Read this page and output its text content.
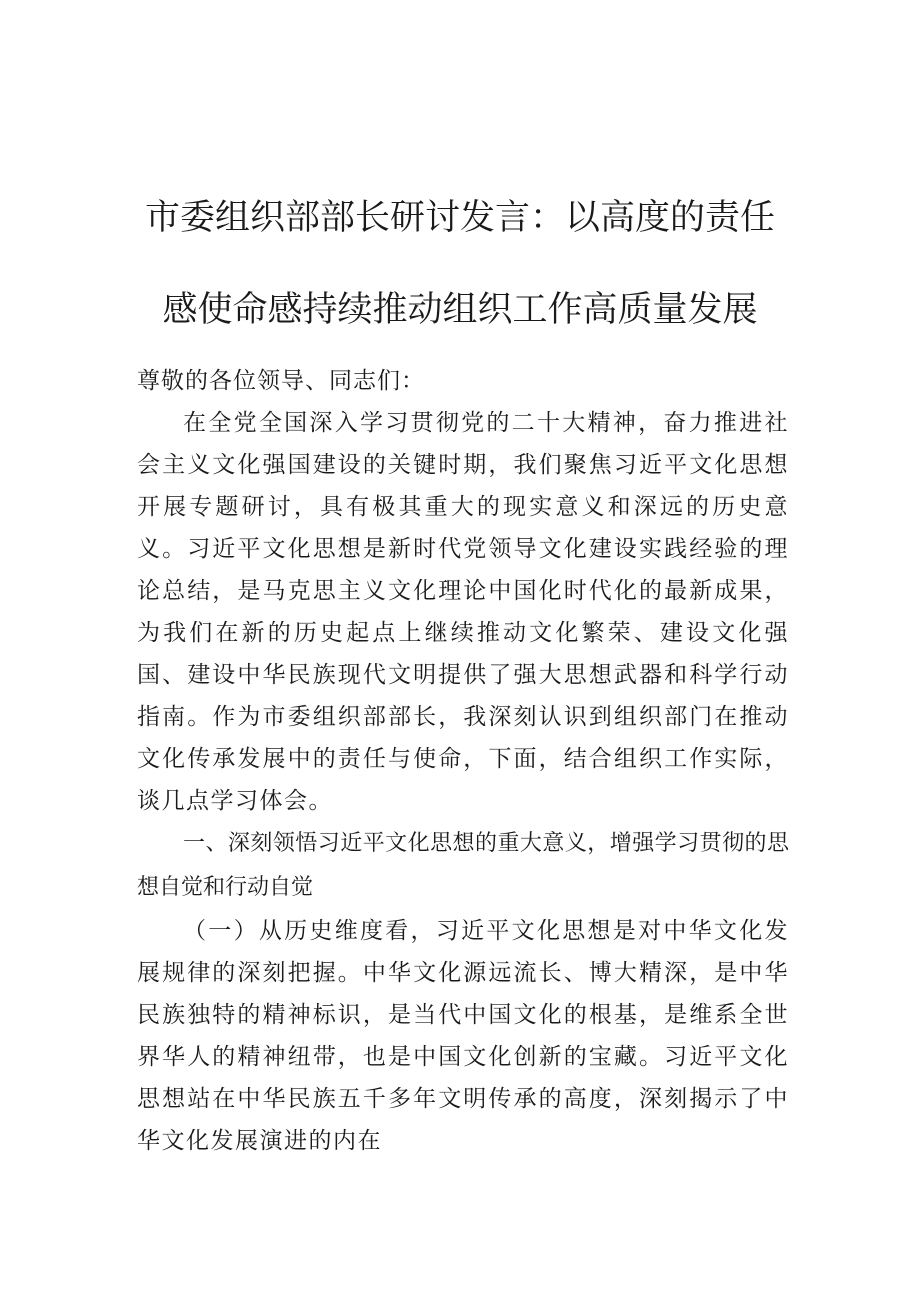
市委组织部部长研讨发言：以高度的责任
感使命感持续推动组织工作高质量发展

尊敬的各位领导、同志们：

在全党全国深入学习贯彻党的二十大精神，奋力推进社会主义文化强国建设的关键时期，我们聚焦习近平文化思想开展专题研讨，具有极其重大的现实意义和深远的历史意义。习近平文化思想是新时代党领导文化建设实践经验的理论总结，是马克思主义文化理论中国化时代化的最新成果，为我们在新的历史起点上继续推动文化繁荣、建设文化强国、建设中华民族现代文明提供了强大思想武器和科学行动指南。作为市委组织部部长，我深刻认识到组织部门在推动文化传承发展中的责任与使命，下面，结合组织工作实际，谈几点学习体会。

一、深刻领悟习近平文化思想的重大意义，增强学习贯彻的思想自觉和行动自觉

（一）从历史维度看，习近平文化思想是对中华文化发展规律的深刻把握。中华文化源远流长、博大精深，是中华民族独特的精神标识，是当代中国文化的根基，是维系全世界华人的精神纽带，也是中国文化创新的宝藏。习近平文化思想站在中华民族五千多年文明传承的高度，深刻揭示了中华文化发展演进的内在
